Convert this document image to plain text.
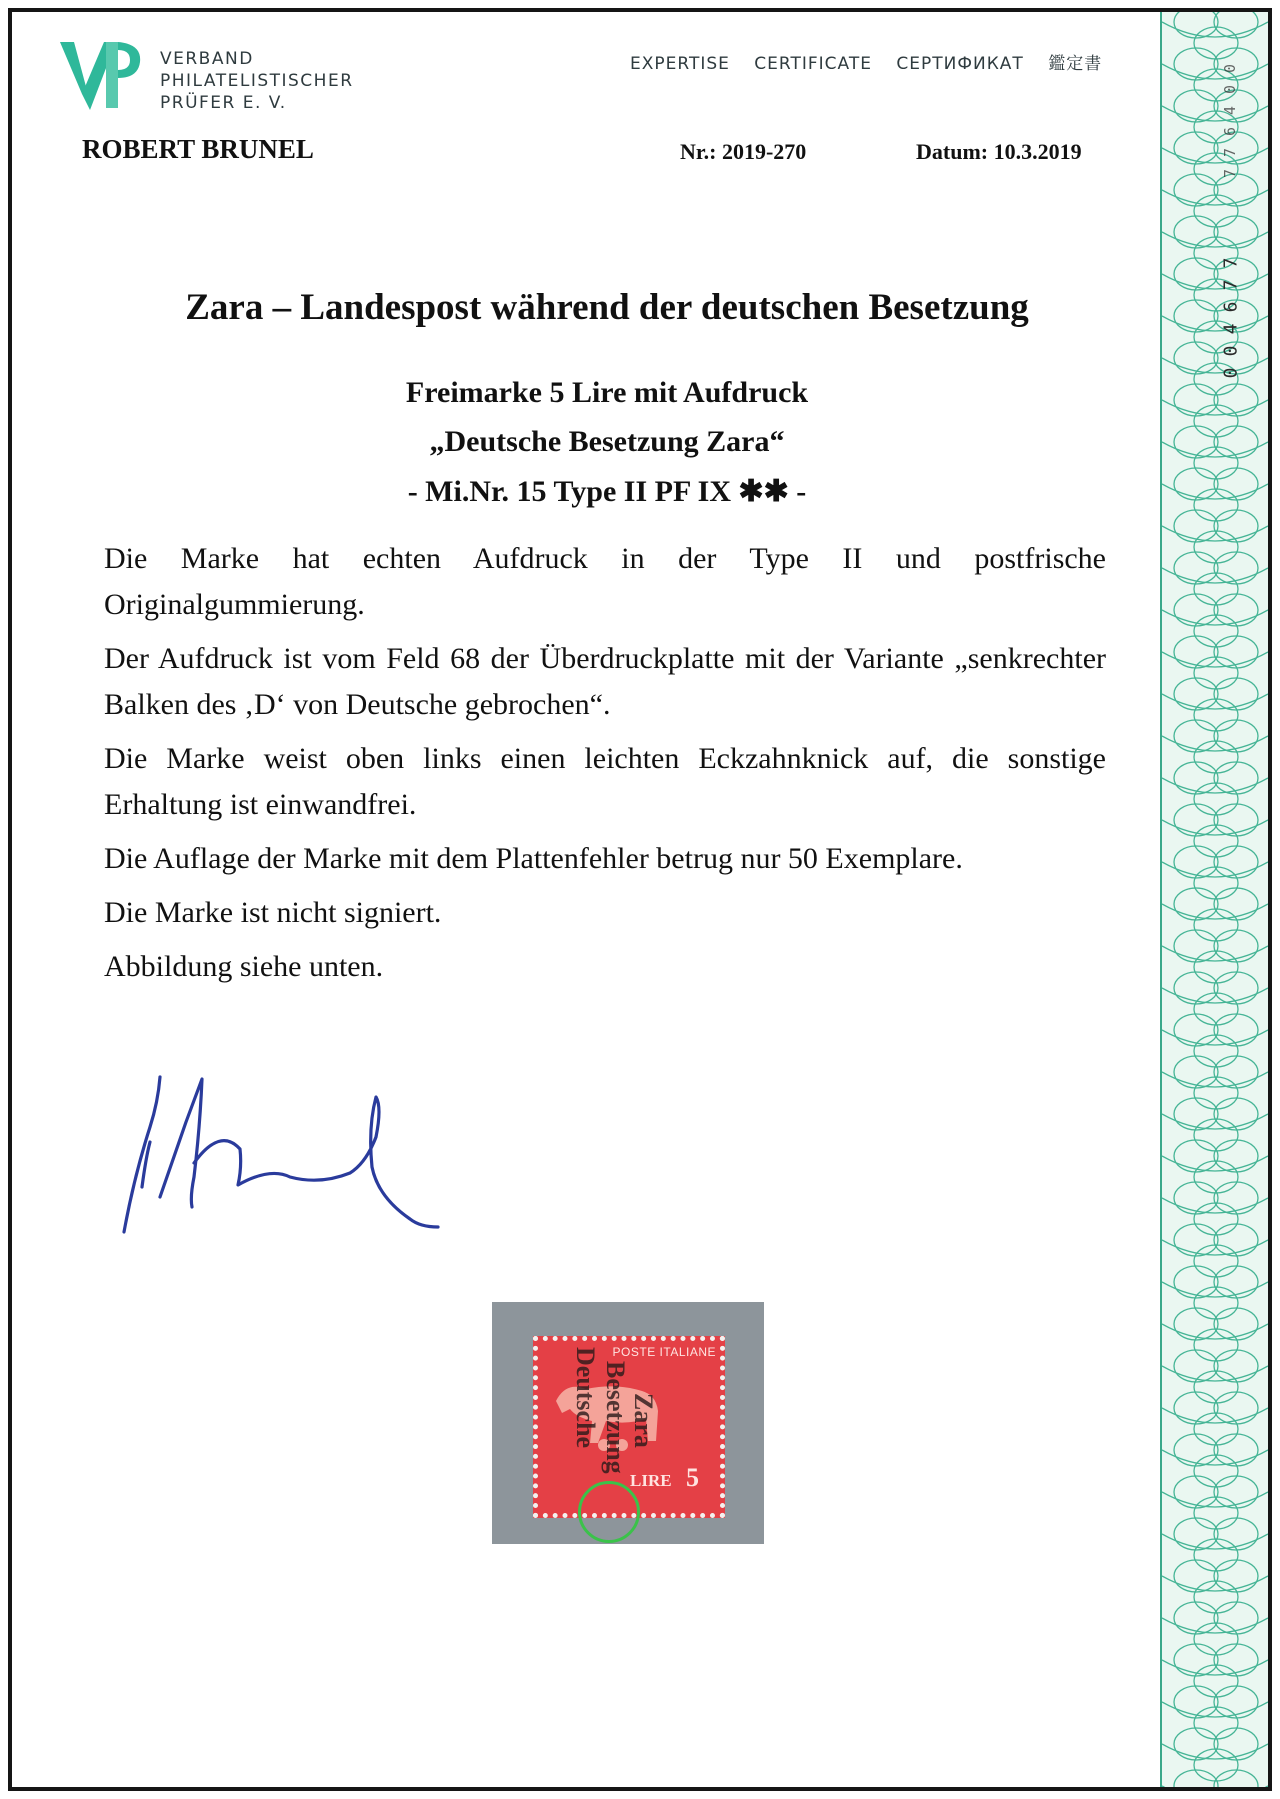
0
0
4
6
7
7
7
7
6
4
0
0
VERBAND
PHILATELISTISCHER
PRÜFER E. V.
EXPERTISE CERTIFICATE СЕРТИФИКАТ 鑑定書
ROBERT BRUNEL	Nr.: 2019-270	Datum: 10.3.2019
Zara – Landespost während der deutschen Besetzung
Freimarke 5 Lire mit Aufdruck
„Deutsche Besetzung Zara“
- Mi.Nr. 15 Type II PF IX ✱✱ -

Die Marke hat echten Aufdruck in der Type II und postfrische Originalgummierung.

Der Aufdruck ist vom Feld 68 der Überdruckplatte mit der Variante „senkrechter Balken des ‚D‘ von Deutsche gebrochen“.

Die Marke weist oben links einen leichten Eckzahnknick auf, die sonstige Erhaltung ist einwandfrei.

Die Auflage der Marke mit dem Plattenfehler betrug nur 50 Exemplare.

Die Marke ist nicht signiert.

Abbildung siehe unten.

POSTE ITALIANE
LIRE 5
Deutsche Besetzung Zara
